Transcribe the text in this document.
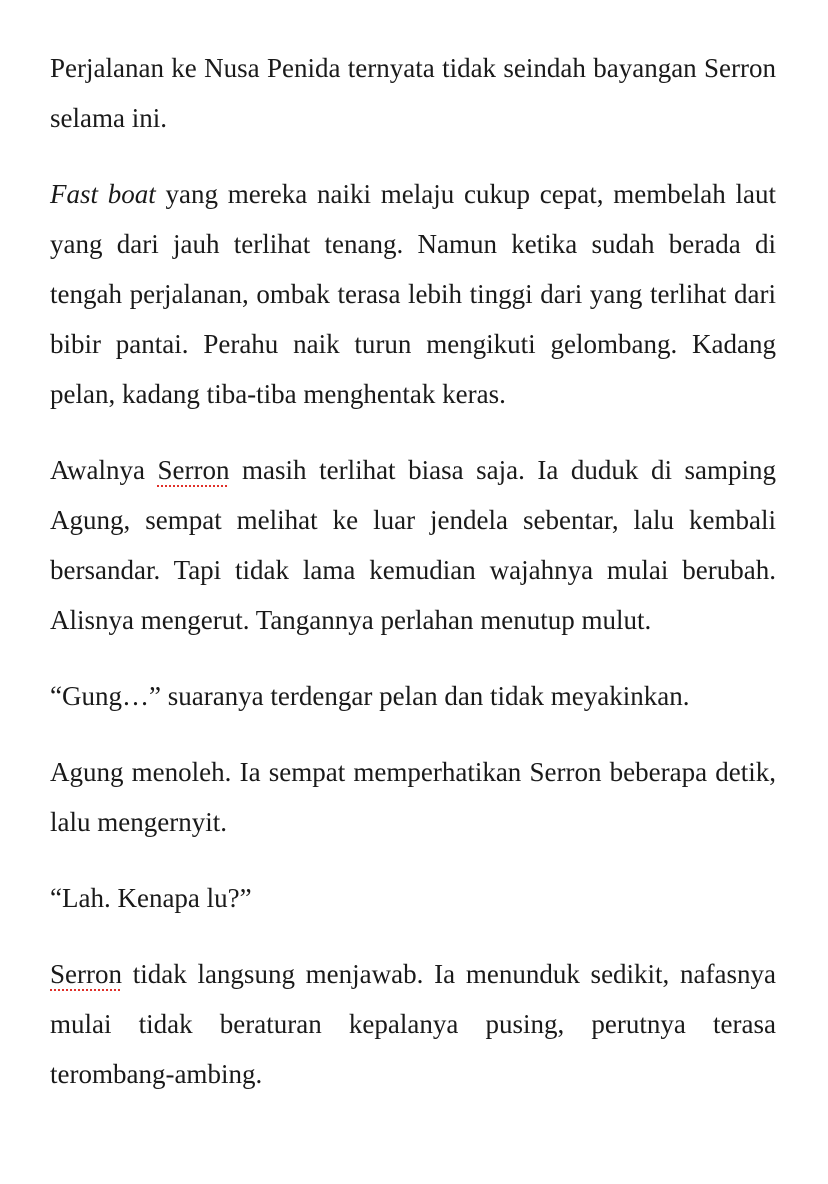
Perjalanan ke Nusa Penida ternyata tidak seindah bayangan Serron selama ini.

Fast boat yang mereka naiki melaju cukup cepat, membelah laut yang dari jauh terlihat tenang. Namun ketika sudah berada di tengah perjalanan, ombak terasa lebih tinggi dari yang terlihat dari bibir pantai. Perahu naik turun mengikuti gelombang. Kadang pelan, kadang tiba-tiba menghentak keras.

Awalnya Serron masih terlihat biasa saja. Ia duduk di samping Agung, sempat melihat ke luar jendela sebentar, lalu kembali bersandar. Tapi tidak lama kemudian wajahnya mulai berubah. Alisnya mengerut. Tangannya perlahan menutup mulut.

“Gung…” suaranya terdengar pelan dan tidak meyakinkan.

Agung menoleh. Ia sempat memperhatikan Serron beberapa detik, lalu mengernyit.

“Lah. Kenapa lu?”

Serron tidak langsung menjawab. Ia menunduk sedikit, nafasnya mulai tidak beraturan kepalanya pusing, perutnya terasa terombang-ambing.
